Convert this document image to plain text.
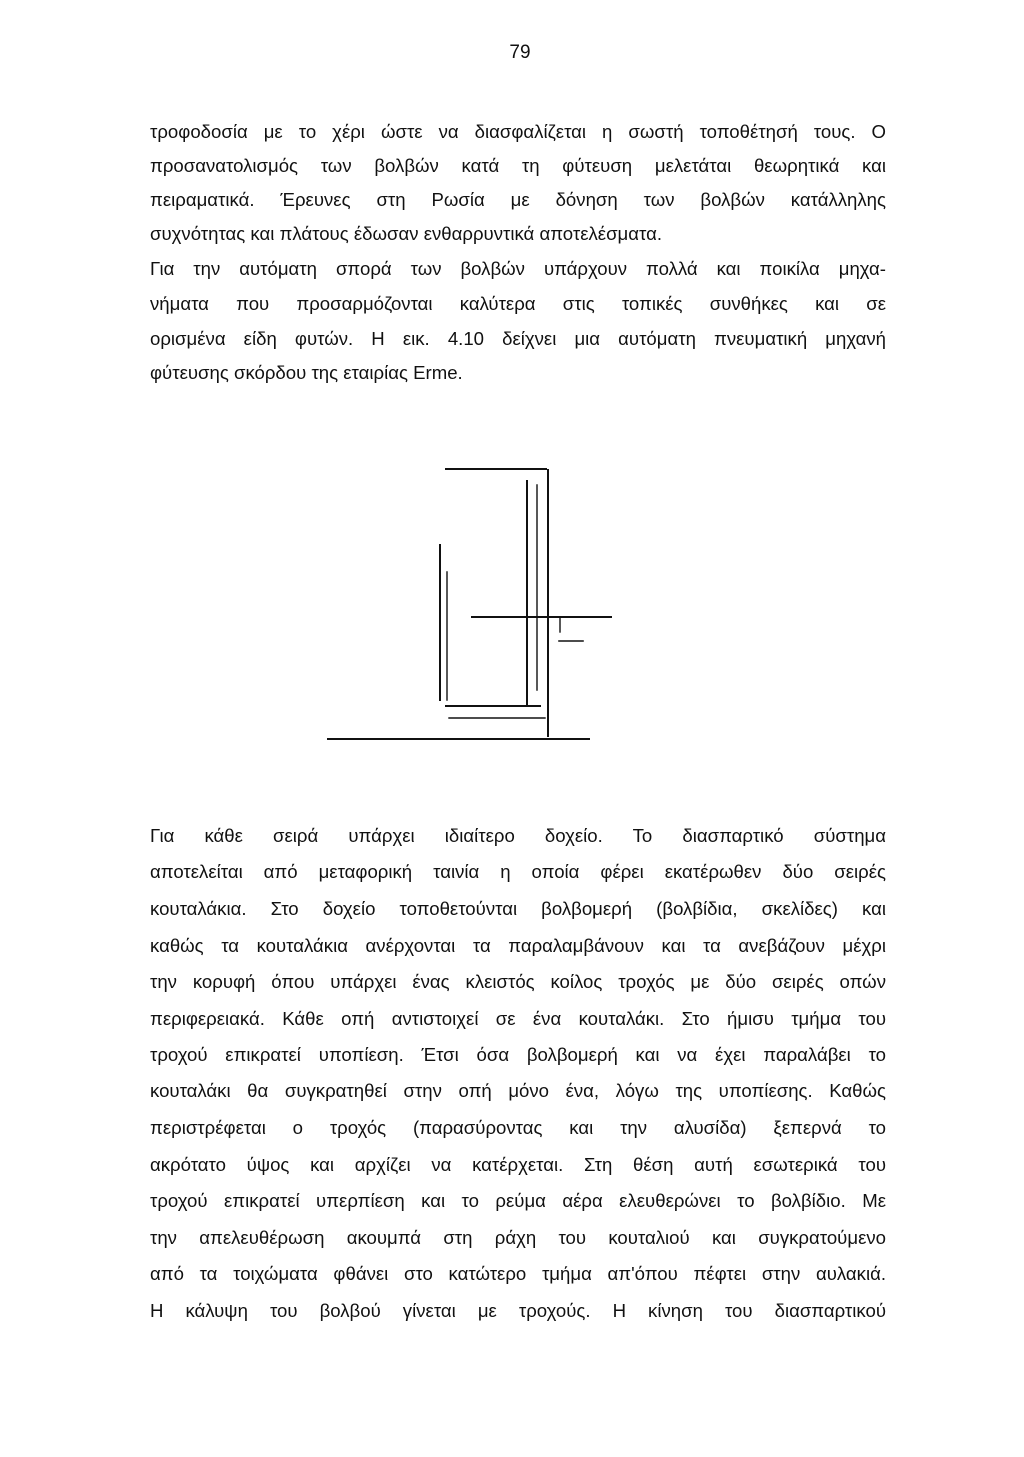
79
τροφοδοσία με το χέρι ώστε να διασφαλίζεται η σωστή τοποθέτησή τους. Ο
προσανατολισμός των βολβών κατά τη φύτευση μελετάται θεωρητικά και
πειραματικά. Έρευνες στη Ρωσία με δόνηση των βολβών κατάλληλης
συχνότητας και πλάτους έδωσαν ενθαρρυντικά αποτελέσματα.
Για την αυτόματη σπορά των βολβών υπάρχουν πολλά και ποικίλα μηχα-
νήματα που προσαρμόζονται καλύτερα στις τοπικές συνθήκες και σε
ορισμένα είδη φυτών. Η εικ. 4.10 δείχνει μια αυτόματη πνευματική μηχανή
φύτευσης σκόρδου της εταιρίας Erme.
Για κάθε σειρά υπάρχει ιδιαίτερο δοχείο. Το διασπαρτικό σύστημα
αποτελείται από μεταφορική ταινία η οποία φέρει εκατέρωθεν δύο σειρές
κουταλάκια. Στο δοχείο τοποθετούνται βολβομερή (βολβίδια, σκελίδες) και
καθώς τα κουταλάκια ανέρχονται τα παραλαμβάνουν και τα ανεβάζουν μέχρι
την κορυφή όπου υπάρχει ένας κλειστός κοίλος τροχός με δύο σειρές οπών
περιφερειακά. Κάθε οπή αντιστοιχεί σε ένα κουταλάκι. Στο ήμισυ τμήμα του
τροχού επικρατεί υποπίεση. Έτσι όσα βολβομερή και να έχει παραλάβει το
κουταλάκι θα συγκρατηθεί στην οπή μόνο ένα, λόγω της υποπίεσης. Καθώς
περιστρέφεται ο τροχός (παρασύροντας και την αλυσίδα) ξεπερνά το
ακρότατο ύψος και αρχίζει να κατέρχεται. Στη θέση αυτή εσωτερικά του
τροχού επικρατεί υπερπίεση και το ρεύμα αέρα ελευθερώνει το βολβίδιο. Με
την απελευθέρωση ακουμπά στη ράχη του κουταλιού και συγκρατούμενο
από τα τοιχώματα φθάνει στο κατώτερο τμήμα απ'όπου πέφτει στην αυλακιά.
Η κάλυψη του βολβού γίνεται με τροχούς. Η κίνηση του διασπαρτικού
